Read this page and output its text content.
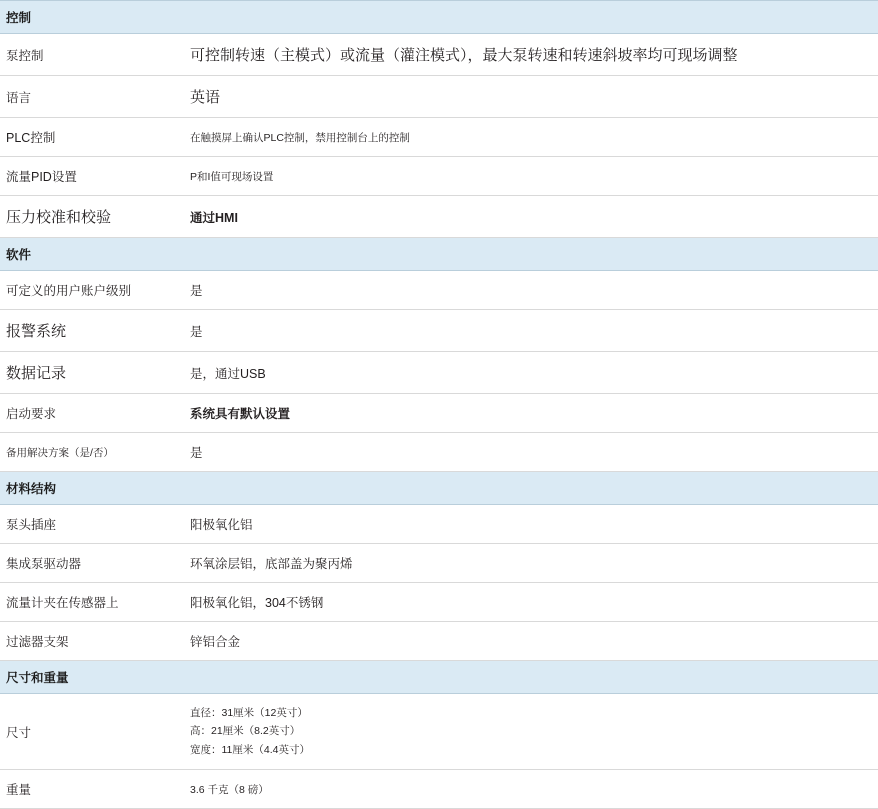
控制	
泵控制	可控制转速（主模式）或流量（灌注模式），最大泵转速和转速斜坡率均可现场调整
语言	英语
PLC控制	在触摸屏上确认PLC控制，禁用控制台上的控制
流量PID设置	P和I值可现场设置
压力校准和校验	通过HMI
软件	
可定义的用户账户级别	是
报警系统	是
数据记录	是，通过USB
启动要求	系统具有默认设置
备用解决方案（是/否）	是
材料结构	
泵头插座	阳极氧化铝
集成泵驱动器	环氧涂层铝，底部盖为聚丙烯
流量计夹在传感器上	阳极氧化铝，304不锈钢
过滤器支架	锌铝合金
尺寸和重量	
尺寸	直径：31厘米（12英寸）
高：21厘米（8.2英寸）
宽度：11厘米（4.4英寸）

重量	3.6 千克（8 磅）
